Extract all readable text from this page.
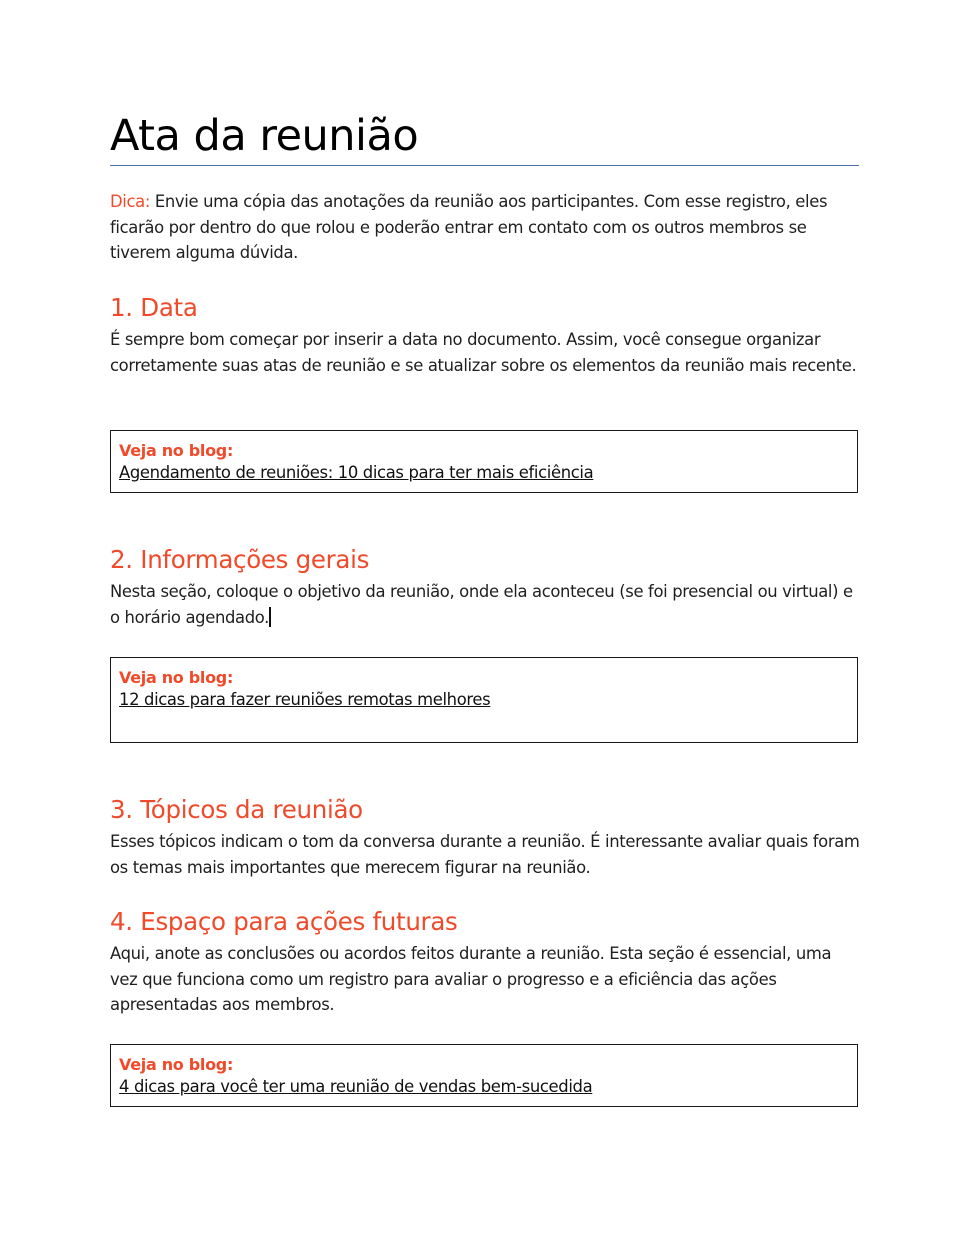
Ata da reunião

Dica: Envie uma cópia das anotações da reunião aos participantes. Com esse registro, eles ficarão por dentro do que rolou e poderão entrar em contato com os outros membros se tiverem alguma dúvida.

1. Data

É sempre bom começar por inserir a data no documento. Assim, você consegue organizar corretamente suas atas de reunião e se atualizar sobre os elementos da reunião mais recente.

Veja no blog:
Agendamento de reuniões: 10 dicas para ter mais eficiência
2. Informações gerais

Nesta seção, coloque o objetivo da reunião, onde ela aconteceu (se foi presencial ou virtual) e o horário agendado.

Veja no blog:
12 dicas para fazer reuniões remotas melhores
3. Tópicos da reunião

Esses tópicos indicam o tom da conversa durante a reunião. É interessante avaliar quais foram os temas mais importantes que merecem figurar na reunião.

4. Espaço para ações futuras

Aqui, anote as conclusões ou acordos feitos durante a reunião. Esta seção é essencial, uma vez que funciona como um registro para avaliar o progresso e a eficiência das ações apresentadas aos membros.

Veja no blog:
4 dicas para você ter uma reunião de vendas bem-sucedida
